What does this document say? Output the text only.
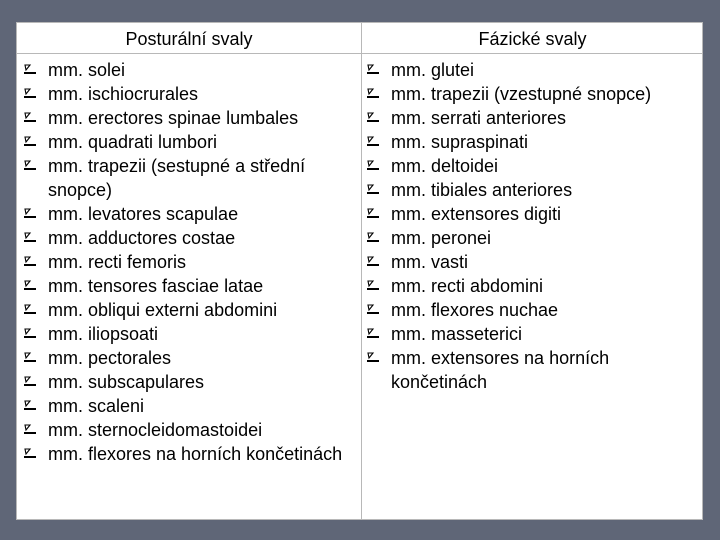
Posturální svaly	Fázické svaly
mm. solei
mm. ischiocrurales
mm. erectores spinae lumbales
mm. quadrati lumbori
mm. trapezii (sestupné a střední snopce)
mm. levatores scapulae
mm. adductores costae
mm. recti femoris
mm. tensores fasciae latae
mm. obliqui externi abdomini
mm. iliopsoati
mm. pectorales
mm. subscapulares
mm. scaleni
mm. sternocleidomastoidei
mm. flexores na horních končetinách
mm. glutei
mm. trapezii (vzestupné snopce)
mm. serrati anteriores
mm. supraspinati
mm. deltoidei
mm. tibiales anteriores
mm. extensores digiti
mm. peronei
mm. vasti
mm. recti abdomini
mm. flexores nuchae
mm. masseterici
mm. extensores na horních končetinách
